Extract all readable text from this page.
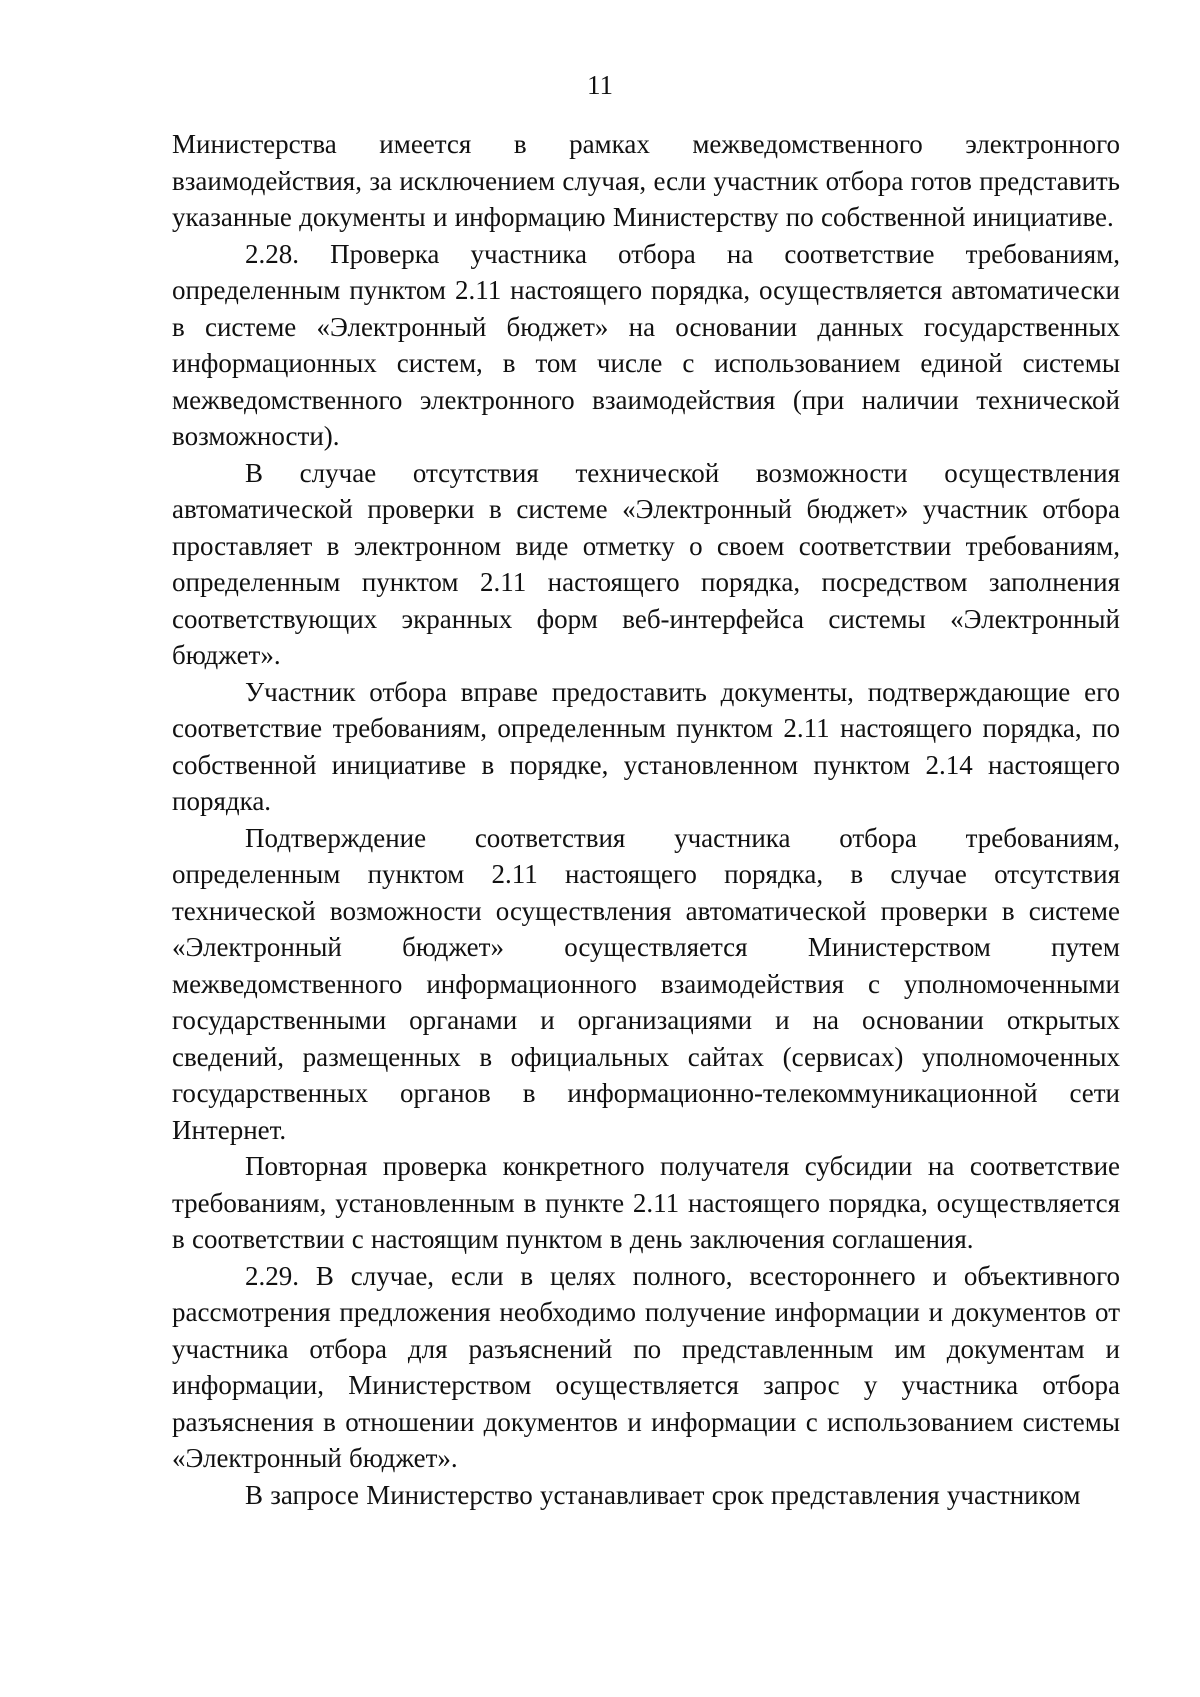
11

Министерства имеется в рамках межведомственного электронного взаимодействия, за исключением случая, если участник отбора готов представить указанные документы и информацию Министерству по собственной инициативе.

2.28. Проверка участника отбора на соответствие требованиям, определенным пунктом 2.11 настоящего порядка, осуществляется автоматически в системе «Электронный бюджет» на основании данных государственных информационных систем, в том числе с использованием единой системы межведомственного электронного взаимодействия (при наличии технической возможности).

В случае отсутствия технической возможности осуществления автоматической проверки в системе «Электронный бюджет» участник отбора проставляет в электронном виде отметку о своем соответствии требованиям, определенным пунктом 2.11 настоящего порядка, посредством заполнения соответствующих экранных форм веб-интерфейса системы «Электронный бюджет».

Участник отбора вправе предоставить документы, подтверждающие его соответствие требованиям, определенным пунктом 2.11 настоящего порядка, по собственной инициативе в порядке, установленном пунктом 2.14 настоящего порядка.

Подтверждение соответствия участника отбора требованиям, определенным пунктом 2.11 настоящего порядка, в случае отсутствия технической возможности осуществления автоматической проверки в системе «Электронный бюджет» осуществляется Министерством путем межведомственного информационного взаимодействия с уполномоченными государственными органами и организациями и на основании открытых сведений, размещенных в официальных сайтах (сервисах) уполномоченных государственных органов в информационно-телекоммуникационной сети Интернет.

Повторная проверка конкретного получателя субсидии на соответствие требованиям, установленным в пункте 2.11 настоящего порядка, осуществляется в соответствии с настоящим пунктом в день заключения соглашения.

2.29. В случае, если в целях полного, всестороннего и объективного рассмотрения предложения необходимо получение информации и документов от участника отбора для разъяснений по представленным им документам и информации, Министерством осуществляется запрос у участника отбора разъяснения в отношении документов и информации с использованием системы «Электронный бюджет».

В запросе Министерство устанавливает срок представления участником
